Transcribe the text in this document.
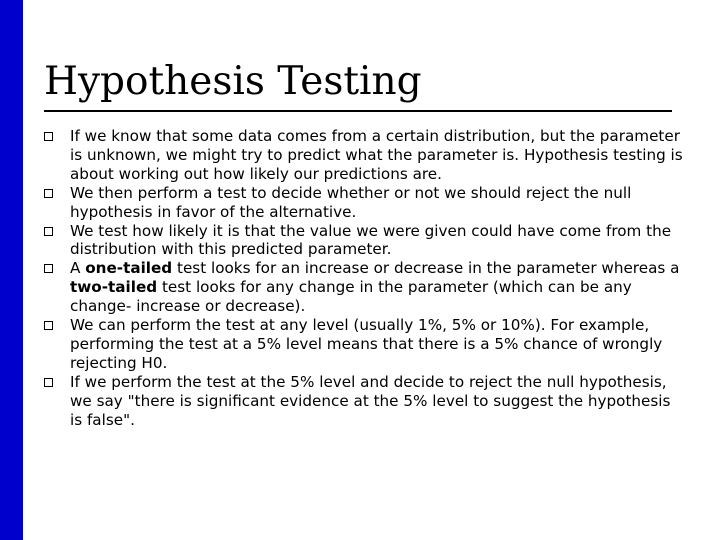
Hypothesis Testing
If we know that some data comes from a certain distribution, but the parameter is unknown, we might try to predict what the parameter is. Hypothesis testing is about working out how likely our predictions are.
We then perform a test to decide whether or not we should reject the null hypothesis in favor of the alternative.
We test how likely it is that the value we were given could have come from the distribution with this predicted parameter.
A one-tailed test looks for an increase or decrease in the parameter whereas a two-tailed test looks for any change in the parameter (which can be any change- increase or decrease).
We can perform the test at any level (usually 1%, 5% or 10%). For example, performing the test at a 5% level means that there is a 5% chance of wrongly rejecting H0.
If we perform the test at the 5% level and decide to reject the null hypothesis, we say "there is significant evidence at the 5% level to suggest the hypothesis is false".
